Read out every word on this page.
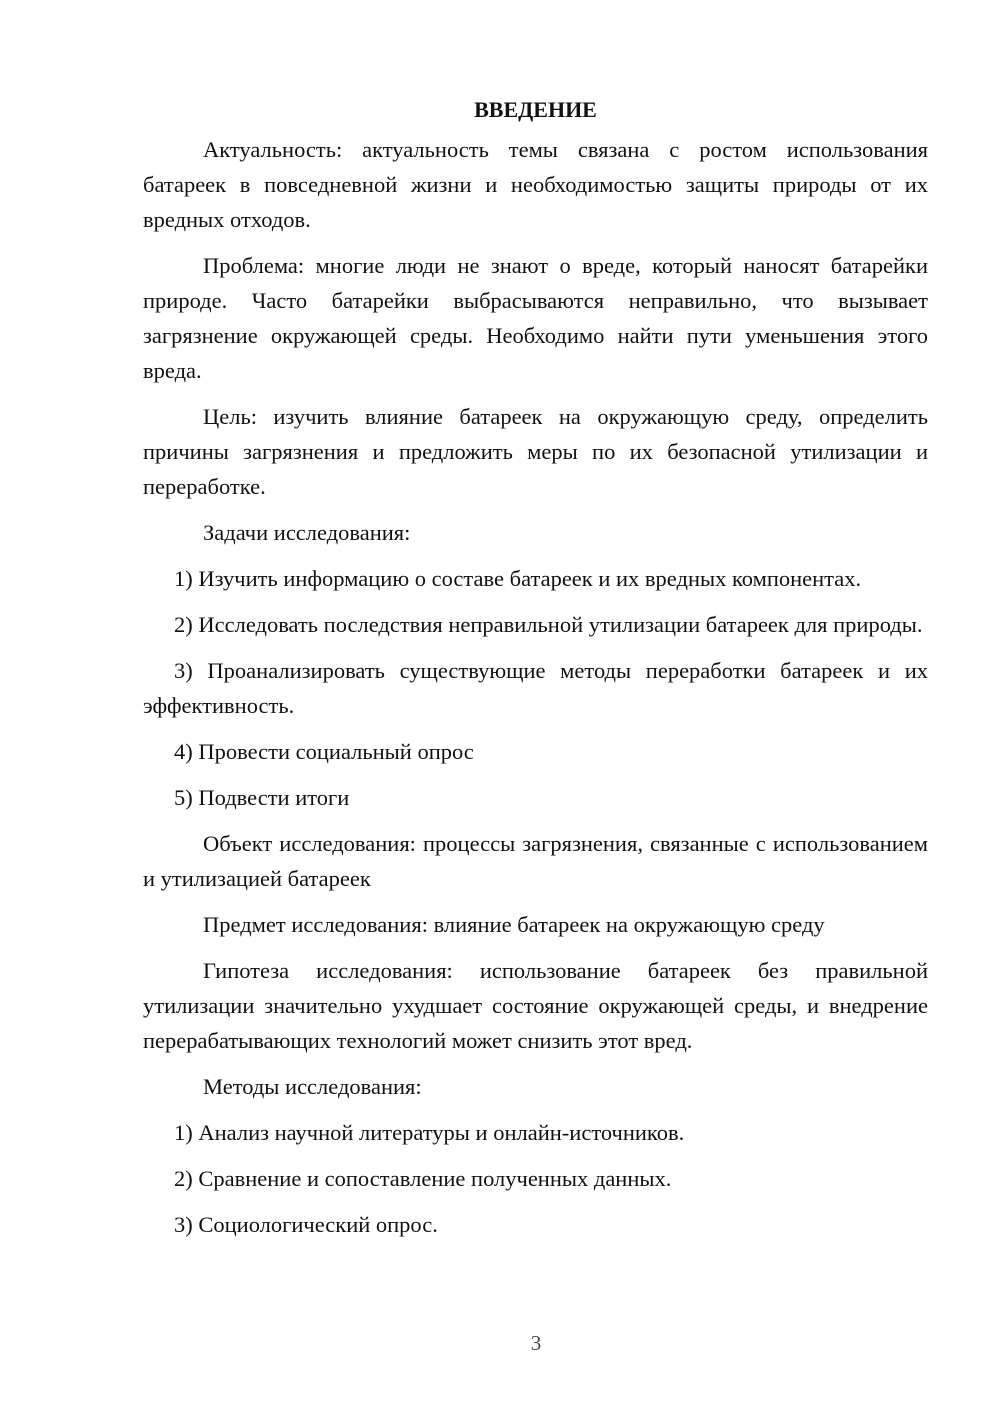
ВВЕДЕНИЕ

Актуальность: актуальность темы связана с ростом использования батареек в повседневной жизни и необходимостью защиты природы от их вредных отходов.

Проблема: многие люди не знают о вреде, который наносят батарейки природе. Часто батарейки выбрасываются неправильно, что вызывает загрязнение окружающей среды. Необходимо найти пути уменьшения этого вреда.

Цель: изучить влияние батареек на окружающую среду, определить причины загрязнения и предложить меры по их безопасной утилизации и переработке.

Задачи исследования:

1) Изучить информацию о составе батареек и их вредных компонентах.

2) Исследовать последствия неправильной утилизации батареек для природы.

3) Проанализировать существующие методы переработки батареек и их эффективность.

4) Провести социальный опрос

5) Подвести итоги

Объект исследования: процессы загрязнения, связанные с использованием и утилизацией батареек

Предмет исследования: влияние батареек на окружающую среду

Гипотеза исследования: использование батареек без правильной утилизации значительно ухудшает состояние окружающей среды, и внедрение перерабатывающих технологий может снизить этот вред.

Методы исследования:

1) Анализ научной литературы и онлайн-источников.

2) Сравнение и сопоставление полученных данных.

3) Социологический опрос.

3
